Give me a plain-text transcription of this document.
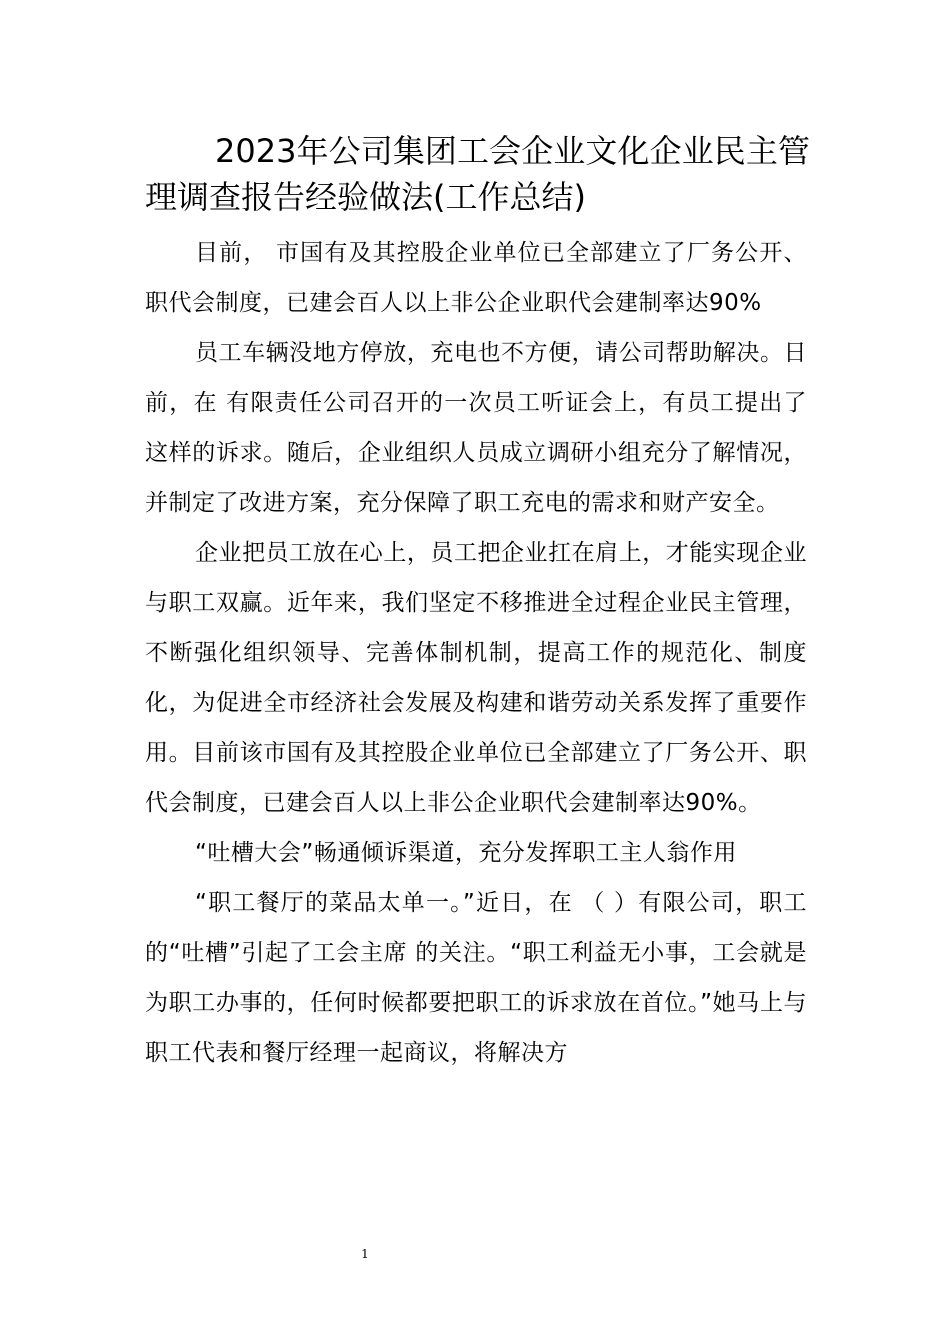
2023年公司集团工会企业文化企业民主管理调查报告经验做法(工作总结)

目前， 市国有及其控股企业单位已全部建立了厂务公开、职代会制度，已建会百人以上非公企业职代会建制率达90%

员工车辆没地方停放，充电也不方便，请公司帮助解决。日前，在 有限责任公司召开的一次员工听证会上，有员工提出了这样的诉求。随后，企业组织人员成立调研小组充分了解情况，并制定了改进方案，充分保障了职工充电的需求和财产安全。

企业把员工放在心上，员工把企业扛在肩上，才能实现企业与职工双赢。近年来，我们坚定不移推进全过程企业民主管理，不断强化组织领导、完善体制机制，提高工作的规范化、制度化，为促进全市经济社会发展及构建和谐劳动关系发挥了重要作用。目前该市国有及其控股企业单位已全部建立了厂务公开、职代会制度，已建会百人以上非公企业职代会建制率达90%。

“吐槽大会”畅通倾诉渠道，充分发挥职工主人翁作用

“职工餐厅的菜品太单一。”近日，在 （ ）有限公司，职工的“吐槽”引起了工会主席 的关注。“职工利益无小事，工会就是为职工办事的，任何时候都要把职工的诉求放在首位。”她马上与职工代表和餐厅经理一起商议，将解决方

1
